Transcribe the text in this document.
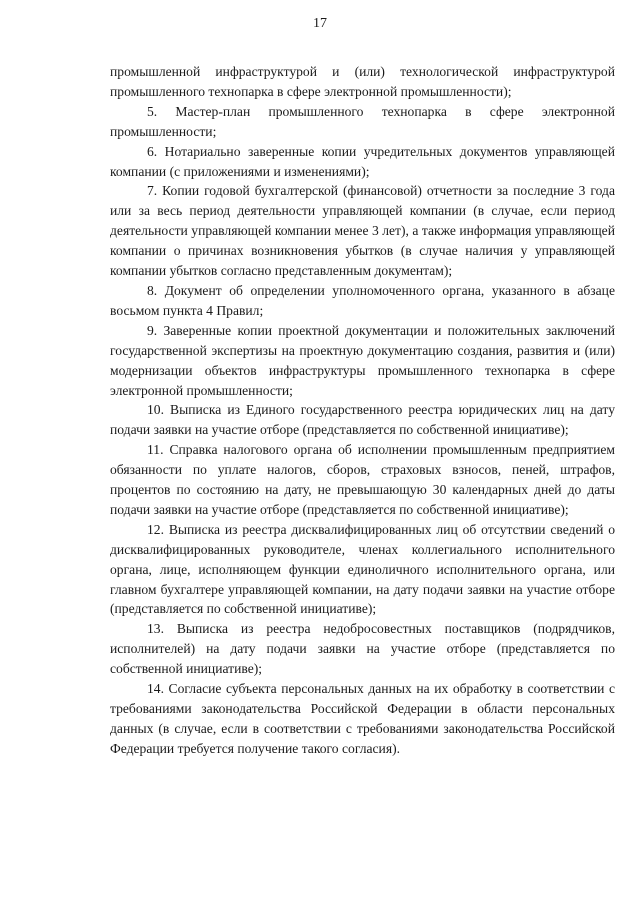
17

промышленной инфраструктурой и (или) технологической инфраструктурой промышленного технопарка в сфере электронной промышленности);

5. Мастер-план промышленного технопарка в сфере электронной промышленности;

6. Нотариально заверенные копии учредительных документов управляющей компании (с приложениями и изменениями);

7. Копии годовой бухгалтерской (финансовой) отчетности за последние 3 года или за весь период деятельности управляющей компании (в случае, если период деятельности управляющей компании менее 3 лет), а также информация управляющей компании о причинах возникновения убытков (в случае наличия у управляющей компании убытков согласно представленным документам);

8. Документ об определении уполномоченного органа, указанного в абзаце восьмом пункта 4 Правил;

9. Заверенные копии проектной документации и положительных заключений государственной экспертизы на проектную документацию создания, развития и (или) модернизации объектов инфраструктуры промышленного технопарка в сфере электронной промышленности;

10. Выписка из Единого государственного реестра юридических лиц на дату подачи заявки на участие отборе (представляется по собственной инициативе);

11. Справка налогового органа об исполнении промышленным предприятием обязанности по уплате налогов, сборов, страховых взносов, пеней, штрафов, процентов по состоянию на дату, не превышающую 30 календарных дней до даты подачи заявки на участие отборе (представляется по собственной инициативе);

12. Выписка из реестра дисквалифицированных лиц об отсутствии сведений о дисквалифицированных руководителе, членах коллегиального исполнительного органа, лице, исполняющем функции единоличного исполнительного органа, или главном бухгалтере управляющей компании, на дату подачи заявки на участие отборе (представляется по собственной инициативе);

13. Выписка из реестра недобросовестных поставщиков (подрядчиков, исполнителей) на дату подачи заявки на участие отборе (представляется по собственной инициативе);

14. Согласие субъекта персональных данных на их обработку в соответствии с требованиями законодательства Российской Федерации в области персональных данных (в случае, если в соответствии с требованиями законодательства Российской Федерации требуется получение такого согласия).
